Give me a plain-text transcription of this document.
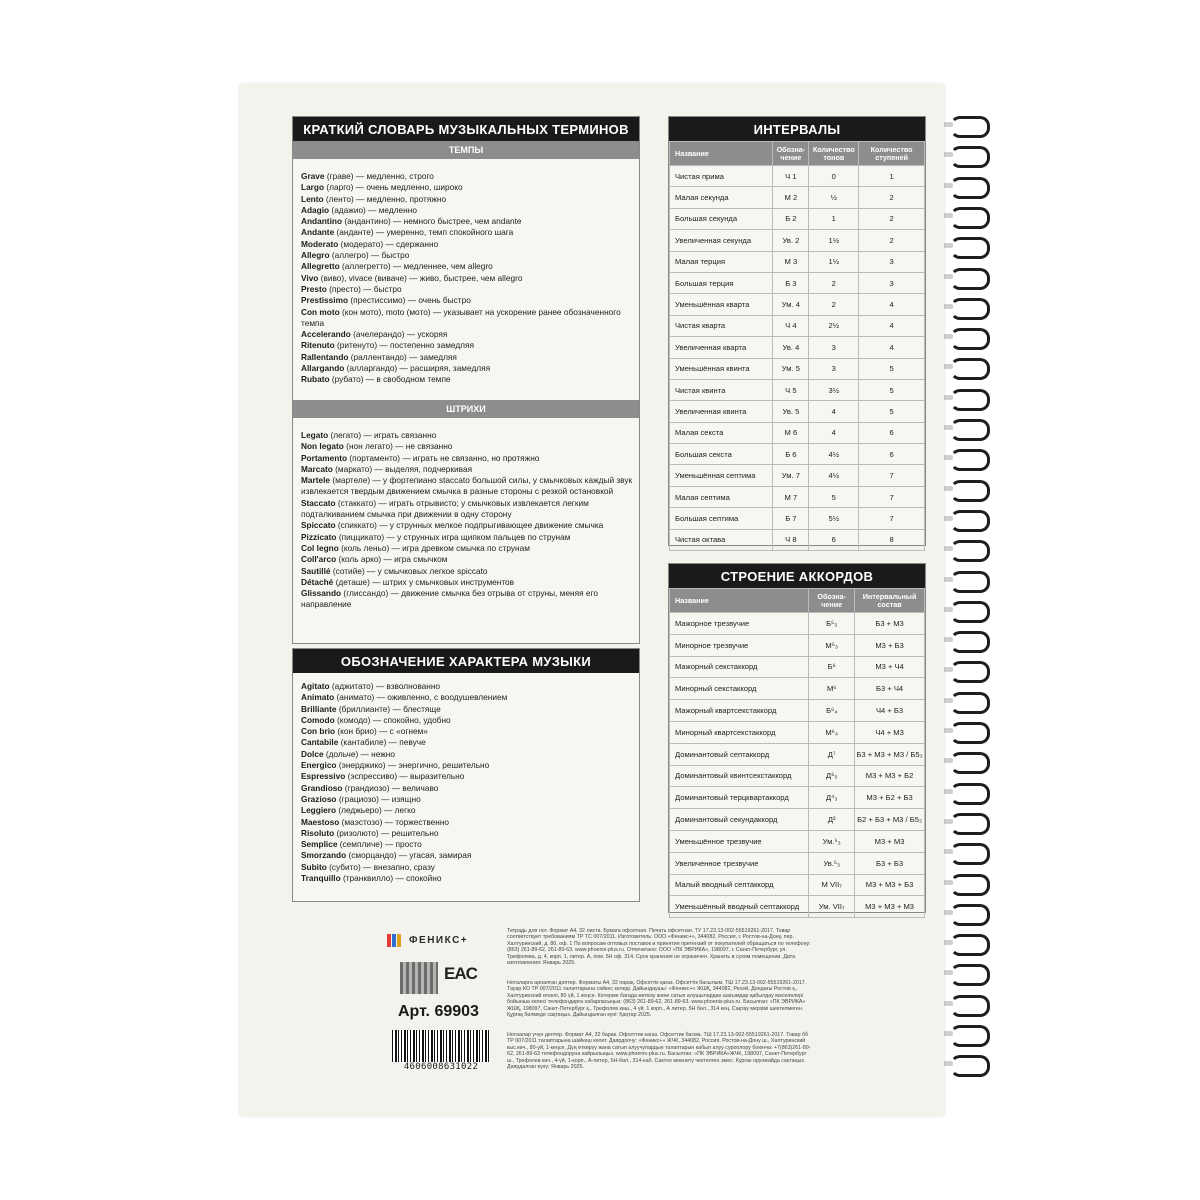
КРАТКИЙ СЛОВАРЬ МУЗЫКАЛЬНЫХ ТЕРМИНОВ
ТЕМПЫ
Grave (граве) — медленно, строго
Largo (ларго) — очень медленно, широко
Lento (ленто) — медленно, протяжно
Adagio (адажио) — медленно
Andantino (андантино) — немного быстрее, чем andante
Andante (анданте) — умеренно, темп спокойного шага
Moderato (модерато) — сдержанно
Allegro (аллегро) — быстро
Allegretto (аллегретто) — медленнее, чем allegro
Vivo (виво), vivace (виваче) — живо, быстрее, чем allegro
Presto (престо) — быстро
Prestissimo (престиссимо) — очень быстро
Con moto (кон мото), moto (мото) — указывает на ускорение ранее обозначенного темпа
Accelerando (ачелерандо) — ускоряя
Ritenuto (ритенуто) — постепенно замедляя
Rallentando (раллентандо) — замедляя
Allargando (алларгандо) — расширяя, замедляя
Rubato (рубато) — в свободном темпе
ШТРИХИ
Legato (легато) — играть связанно
Non legato (нон легато) — не связанно
Portamento (портаменто) — играть не связанно, но протяжно
Marcato (маркато) — выделяя, подчеркивая
Martele (мартеле) — у фортепиано staccato большой силы, у смычковых каждый звук извлекается твердым движением смычка в разные стороны с резкой остановкой
Staccato (стаккато) — играть отрывисто; у смычковых извлекается легким подталкиванием смычка при движении в одну сторону
Spiccato (спиккато) — у струнных мелкое подпрыгивающее движение смычка
Pizzicato (пиццикато) — у струнных игра щипком пальцев по струнам
Col legno (коль леньо) — игра древком смычка по струнам
Coll'arco (коль арко) — игра смычком
Sautillé (сотийе) — у смычковых легкое spiccato
Détaché (деташе) — штрих у смычковых инструментов
Glissando (глиссандо) — движение смычка без отрыва от струны, меняя его направление
ОБОЗНАЧЕНИЕ ХАРАКТЕРА МУЗЫКИ
Agitato (аджитато) — взволнованно
Animato (анимато) — оживленно, с воодушевлением
Brilliante (бриллианте) — блестяще
Comodo (комодо) — спокойно, удобно
Con brio (кон брио) — с «огнем»
Cantabile (кантабиле) — певуче
Dolce (дольче) — нежно
Energico (энерджико) — энергично, решительно
Espressivo (эспрессиво) — выразительно
Grandioso (грандиозо) — величаво
Grazioso (грациозо) — изящно
Leggiero (леджьеро) — легко
Maestoso (маэстозо) — торжественно
Risoluto (ризолюто) — решительно
Semplice (семпличе) — просто
Smorzando (сморцандо) — угасая, замирая
Subito (субито) — внезапно, сразу
Tranquillo (транквилло) — спокойно
ИНТЕРВАЛЫ
Название	Обозна-чение	Количество тонов	Количество ступеней
Чистая прима	Ч 1	0	1
Малая секунда	М 2	½	2
Большая секунда	Б 2	1	2
Увеличенная секунда	Ув. 2	1½	2
Малая терция	М 3	1½	3
Большая терция	Б 3	2	3
Уменьшённая кварта	Ум. 4	2	4
Чистая кварта	Ч 4	2½	4
Увеличенная кварта	Ув. 4	3	4
Уменьшённая квинта	Ум. 5	3	5
Чистая квинта	Ч 5	3½	5
Увеличенная квинта	Ув. 5	4	5
Малая секста	М 6	4	6
Большая секста	Б 6	4½	6
Уменьшённая септима	Ум. 7	4½	7
Малая септима	М 7	5	7
Большая септима	Б 7	5½	7
Чистая октава	Ч 8	6	8
СТРОЕНИЕ АККОРДОВ
Название	Обозна-чение	Интервальный состав
Мажорное трезвучие	Б⁵₃	Б3 + М3
Минорное трезвучие	М⁵₃	М3 + Б3
Мажорный секстаккорд	Б⁶	М3 + Ч4
Минорный секстаккорд	М⁶	Б3 + Ч4
Мажорный квартсекстаккорд	Б⁶₄	Ч4 + Б3
Минорный квартсекстаккорд	М⁶₄	Ч4 + М3
Доминантовый септаккорд	Д⁷	Б3 + М3 + М3 / Б5₃
Доминантовый квинтсекстаккорд	Д⁶₅	М3 + М3 + Б2
Доминантовый терцквартаккорд	Д⁴₃	М3 + Б2 + Б3
Доминантовый секундаккорд	Д²	Б2 + Б3 + М3 / Б5₃
Уменьшённое трезвучие	Ум.⁵₃	М3 + М3
Увеличенное трезвучие	Ув.⁵₃	Б3 + Б3
Малый вводный септаккорд	М VII₇	М3 + М3 + Б3
Уменьшённый вводный септаккорд	Ум. VII₇	М3 + М3 + М3
ФЕНИКС+
EAC
Арт. 69903
4606008631022
Тетрадь для нот. Формат А4, 32 листа. Бумага офсетная. Печать офсетная. ТУ 17.23.13-002-55519261-2017. Товар соответствует требованиям ТР ТС 007/2011. Изготовитель: ООО «Феникс+», 344082, Россия, г. Ростов-на-Дону, пер. Халтуринский, д. 80, оф. 1 По вопросам оптовых поставок и принятия претензий от покупателей обращаться по телефону: (863) 261-89-62, 261-89-63. www.phoenix-plus.ru. Отпечатано: ООО «ПК ЭВРИКА», 198097, г. Санкт-Петербург, ул. Трефолева, д. 4, корп. 1, литер. А, пом. 5Н оф. 314. Срок хранения не ограничен. Хранить в сухом помещении. Дата изготовления: Январь 2025.
Ноталарға арналған дәптер. Форматы А4, 32 парақ. Офсеттік қағаз. Офсеттік басылым. ТШ 17.23.13-002-55519261-2017. Тауар КО ТР 007/2011 талаптарына сәйкес келеді. Дайындаушы: «Феникс+» ЖШҚ, 344082, Ресей, Дондағы Ростов қ., Халтуринский өткелі, 80 үй, 1 кеңсе. Көтерме бағада жеткізу және сатып алушылардан шағымдар қабылдау мәселелері бойынша келесі телефондарға хабарласыңыз: (863) 261-89-62, 261-89-63. www.phoenix-plus.ru. Басылған: «ПК ЭВРИКА» ЖШҚ, 198097, Санкт-Петербург қ., Трефолев көш., 4 үй, 1 корп., А литер, 5Н бөл., 314 кең. Сақтау мерзімі шектелмеген. Құрғақ бөлмеде сақтаңыз. Дайындалған күні: Қаңтар 2025.
Нотаалар үчүн дептер. Формат А4, 32 барак. Офсеттик кагаз. Офсеттик басма. ТШ 17.23.13-002-55519261-2017. Товар бб ТР 007/2011 талаптарына шайкеш келет. Даярдоочу: «Феникс+» ЖЧК, 344082, Россия, Ростов-на-Дону ш., Халтуринский кыс.көч., 80-үй, 1-кеңсе. Дүң өткөрүү жана сатып алуучулардын талаптарын кабыл алуу суроолору боюнча: +7(863)261-89-62, 261-89-63 телефондоруна кайрылыңыз. www.phoenix-plus.ru. Басылган: «ПК ЭВРИКА»ЖЧК, 198097, Санкт-Петербург ш., Трефолев көч., 4-үй, 1-корп., А-литер, 5Н-бөл., 314-каб. Сактоо мөөнөтү чектелген эмес. Кургак орунжайда сактаңыз. Даярдалган күнү: Январь 2025.
